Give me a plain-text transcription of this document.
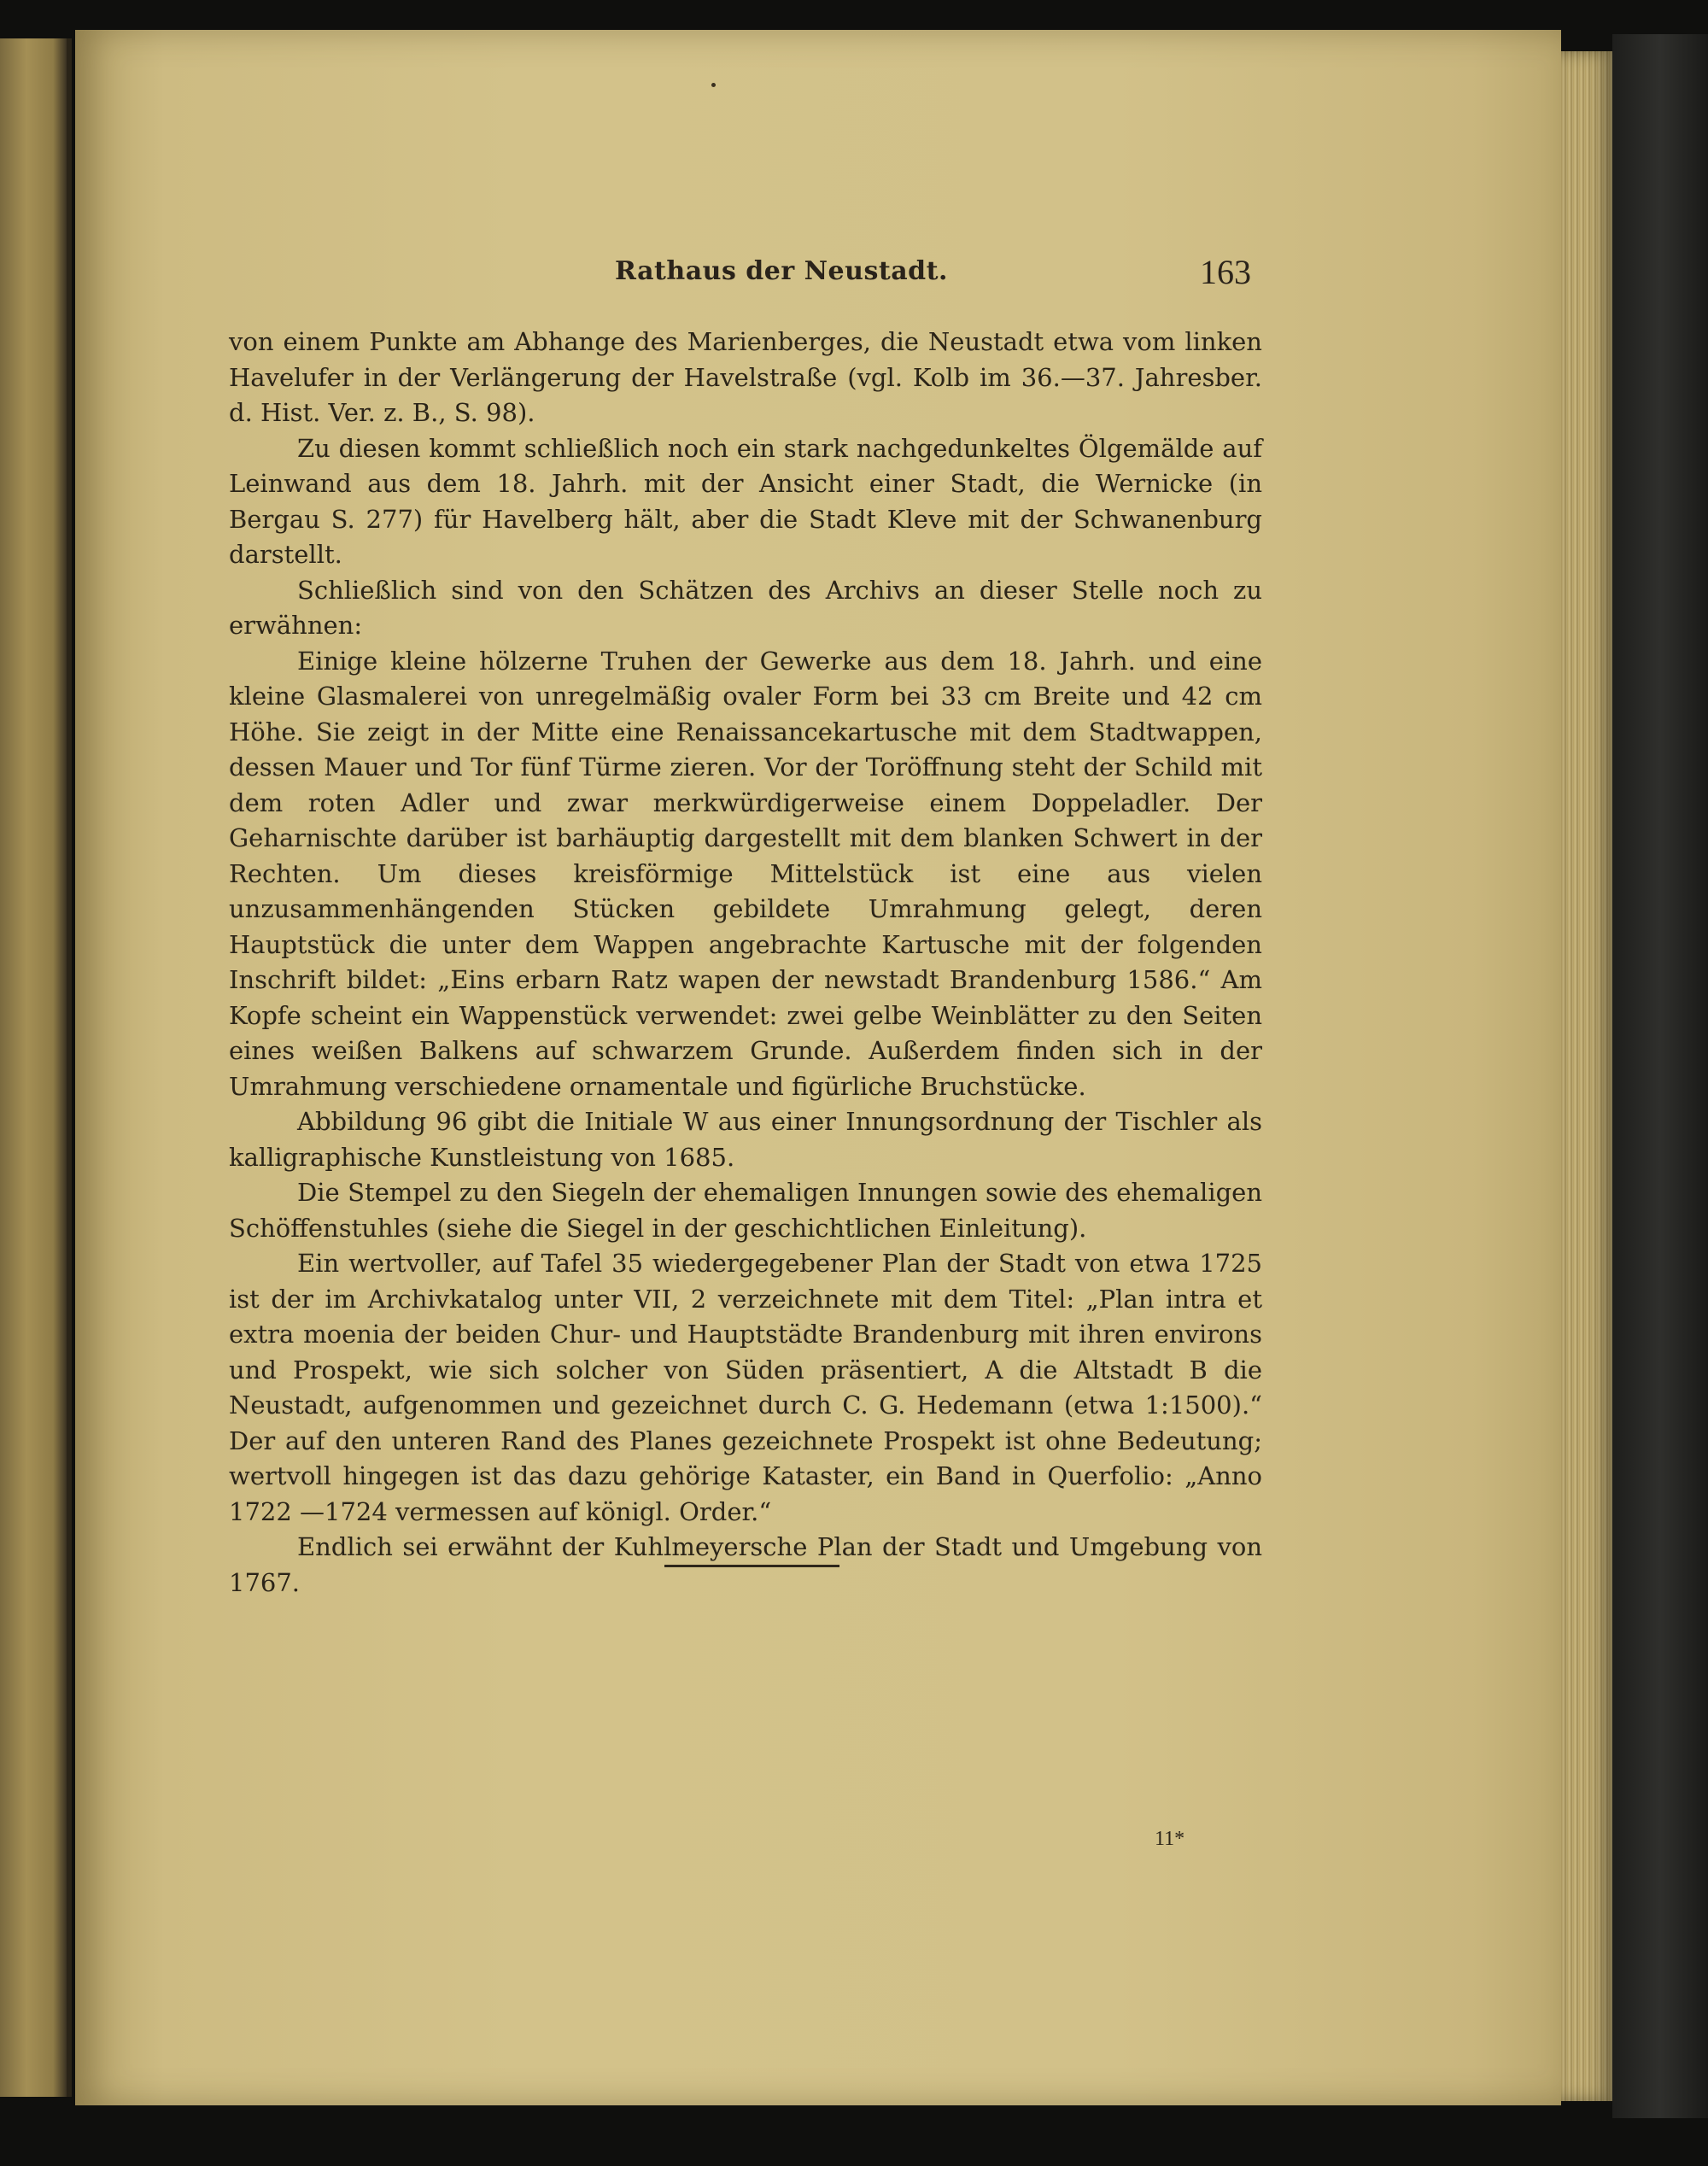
Rathaus der Neustadt.	163

von einem Punkte am Abhange des Marienberges, die Neustadt etwa vom linken Havelufer in der Verlängerung der Havelstraße (vgl. Kolb im 36.—37. Jahresber. d. Hist. Ver. z. B., S. 98).

Zu diesen kommt schließlich noch ein stark nachgedunkeltes Ölgemälde auf Leinwand aus dem 18. Jahrh. mit der Ansicht einer Stadt, die Wernicke (in Bergau S. 277) für Havelberg hält, aber die Stadt Kleve mit der Schwanenburg darstellt.

Schließlich sind von den Schätzen des Archivs an dieser Stelle noch zu erwähnen:

Einige kleine hölzerne Truhen der Gewerke aus dem 18. Jahrh. und eine kleine Glasmalerei von unregelmäßig ovaler Form bei 33 cm Breite und 42 cm Höhe. Sie zeigt in der Mitte eine Renaissancekartusche mit dem Stadtwappen, dessen Mauer und Tor fünf Türme zieren. Vor der Toröffnung steht der Schild mit dem roten Adler und zwar merkwürdigerweise einem Doppeladler. Der Geharnischte darüber ist barhäuptig dargestellt mit dem blanken Schwert in der Rechten. Um dieses kreisförmige Mittelstück ist eine aus vielen unzusammenhängenden Stücken gebildete Umrahmung gelegt, deren Hauptstück die unter dem Wappen angebrachte Kartusche mit der folgenden Inschrift bildet: „Eins erbarn Ratz wapen der newstadt Brandenburg 1586.“ Am Kopfe scheint ein Wappenstück verwendet: zwei gelbe Weinblätter zu den Seiten eines weißen Balkens auf schwarzem Grunde. Außerdem finden sich in der Umrahmung verschiedene ornamentale und figürliche Bruchstücke.

Abbildung 96 gibt die Initiale W aus einer Innungsordnung der Tischler als kalligraphische Kunstleistung von 1685.

Die Stempel zu den Siegeln der ehemaligen Innungen sowie des ehemaligen Schöffenstuhles (siehe die Siegel in der geschichtlichen Einleitung).

Ein wertvoller, auf Tafel 35 wiedergegebener Plan der Stadt von etwa 1725 ist der im Archivkatalog unter VII, 2 verzeichnete mit dem Titel: „Plan intra et extra moenia der beiden Chur- und Hauptstädte Brandenburg mit ihren environs und Prospekt, wie sich solcher von Süden präsentiert, A die Altstadt B die Neustadt, aufgenommen und gezeichnet durch C. G. Hedemann (etwa 1:1500).“ Der auf den unteren Rand des Planes gezeichnete Prospekt ist ohne Bedeutung; wertvoll hingegen ist das dazu gehörige Kataster, ein Band in Querfolio: „Anno 1722 —1724 vermessen auf königl. Order.“

Endlich sei erwähnt der Kuhlmeyersche Plan der Stadt und Umgebung von 1767.

11*
